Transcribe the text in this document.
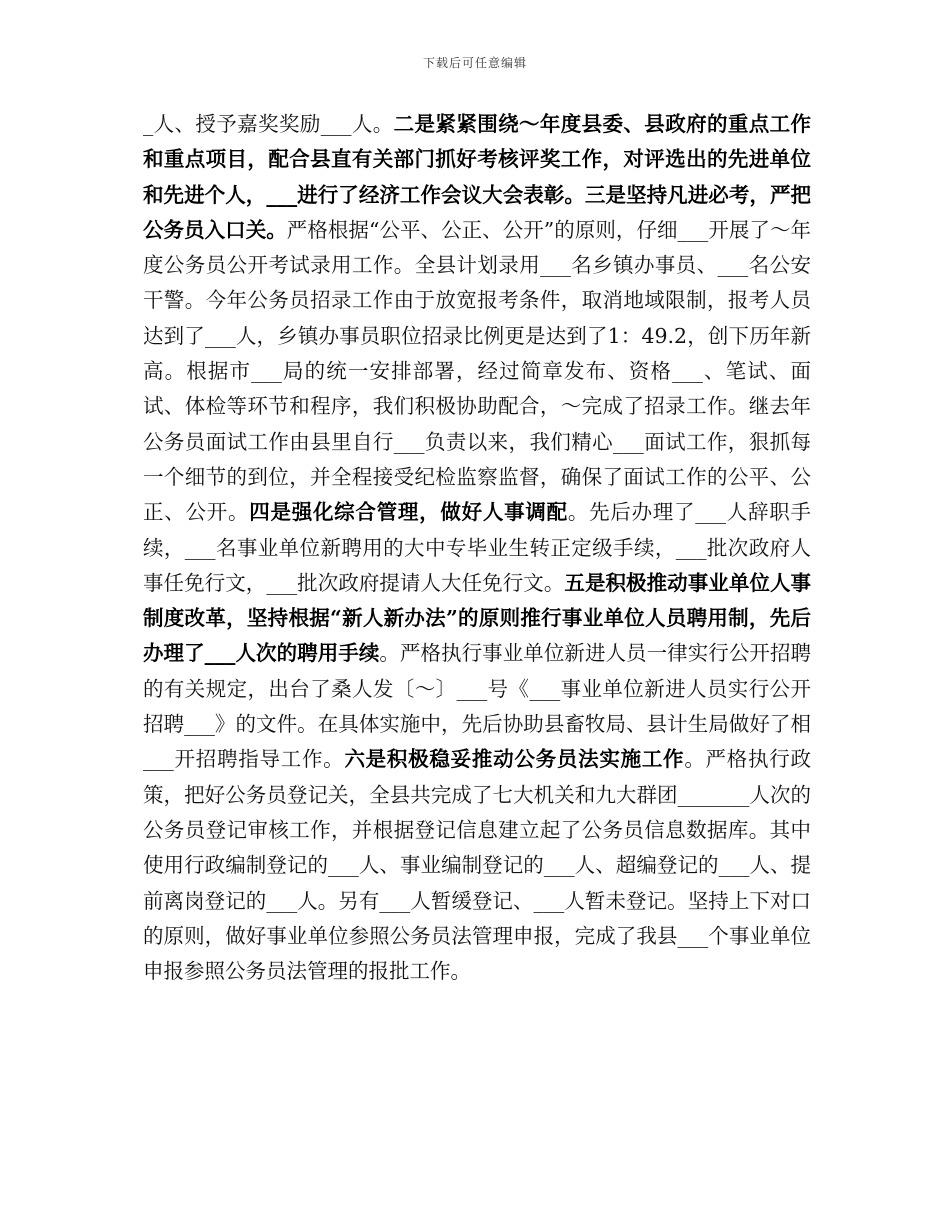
下载后可任意编辑

_人、授予嘉奖奖励___人。二是紧紧围绕～年度县委、县政府的重点工作和重点项目，配合县直有关部门抓好考核评奖工作，对评选出的先进单位和先进个人，___进行了经济工作会议大会表彰。三是坚持凡进必考，严把公务员入口关。严格根据“公平、公正、公开”的原则，仔细___开展了～年度公务员公开考试录用工作。全县计划录用___名乡镇办事员、___名公安干警。今年公务员招录工作由于放宽报考条件，取消地域限制，报考人员达到了___人，乡镇办事员职位招录比例更是达到了1：49.2，创下历年新高。根据市___局的统一安排部署，经过简章发布、资格___、笔试、面试、体检等环节和程序，我们积极协助配合，～完成了招录工作。继去年公务员面试工作由县里自行___负责以来，我们精心___面试工作，狠抓每一个细节的到位，并全程接受纪检监察监督，确保了面试工作的公平、公正、公开。四是强化综合管理，做好人事调配。先后办理了___人辞职手续，___名事业单位新聘用的大中专毕业生转正定级手续，___批次政府人事任免行文，___批次政府提请人大任免行文。五是积极推动事业单位人事制度改革，坚持根据“新人新办法”的原则推行事业单位人员聘用制，先后办理了___人次的聘用手续。严格执行事业单位新进人员一律实行公开招聘的有关规定，出台了桑人发〔～〕___号《___事业单位新进人员实行公开招聘___》的文件。在具体实施中，先后协助县畜牧局、县计生局做好了相___开招聘指导工作。六是积极稳妥推动公务员法实施工作。严格执行政策，把好公务员登记关，全县共完成了七大机关和九大群团_______人次的公务员登记审核工作，并根据登记信息建立起了公务员信息数据库。其中使用行政编制登记的___人、事业编制登记的___人、超编登记的___人、提前离岗登记的___人。另有___人暂缓登记、___人暂未登记。坚持上下对口的原则，做好事业单位参照公务员法管理申报，完成了我县___个事业单位申报参照公务员法管理的报批工作。
